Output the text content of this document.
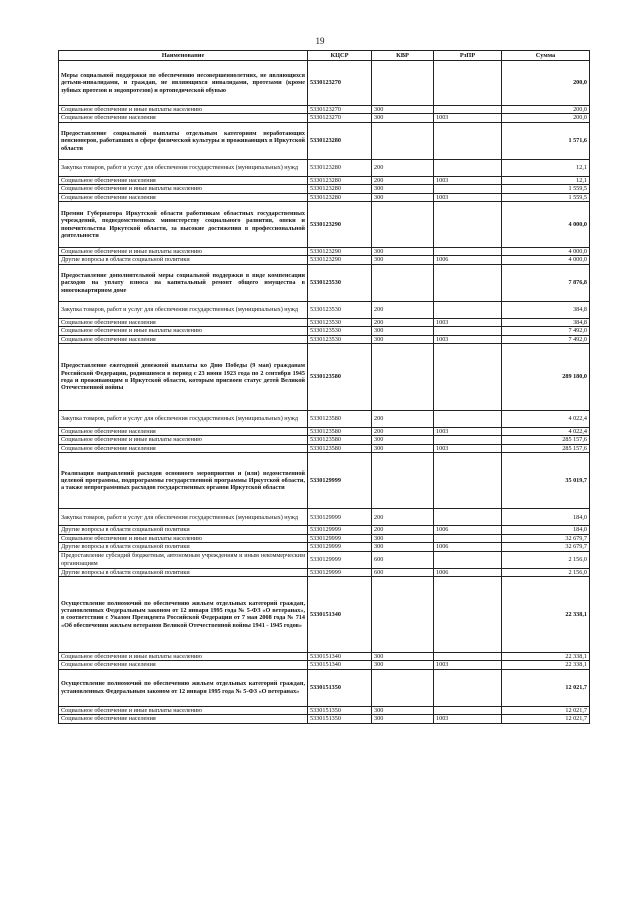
19
Наименование	КЦСР	КВР	РзПР	Сумма
Меры социальной поддержки по обеспечению несовершеннолетних, не являющихся детьми-инвалидами, и граждан, не являющихся инвалидами, протезами (кроме зубных протезов и эндопротезов) и ортопедической обувью	5330123270			200,0
Социальное обеспечение и иные выплаты населению	5330123270	300		200,0
Социальное обеспечение населения	5330123270	300	1003	200,0
Предоставление социальной выплаты отдельным категориям неработающих пенсионеров, работавших в сфере физической культуры и проживающих в Иркутской области	5330123280			1 571,6
Закупка товаров, работ и услуг для обеспечения государственных (муниципальных) нужд	5330123280	200		12,1
Социальное обеспечение населения	5330123280	200	1003	12,1
Социальное обеспечение и иные выплаты населению	5330123280	300		1 559,5
Социальное обеспечение населения	5330123280	300	1003	1 559,5
Премии Губернатора Иркутской области работникам областных государственных учреждений, подведомственных министерству социального развития, опеки и попечительства Иркутской области, за высокие достижения в профессиональной деятельности	5330123290			4 000,0
Социальное обеспечение и иные выплаты населению	5330123290	300		4 000,0
Другие вопросы в области социальной политики	5330123290	300	1006	4 000,0
Предоставление дополнительной меры социальной поддержки в виде компенсации расходов на уплату взноса на капитальный ремонт общего имущества в многоквартирном доме	5330123530			7 876,8
Закупка товаров, работ и услуг для обеспечения государственных (муниципальных) нужд	5330123530	200		384,8
Социальное обеспечение населения	5330123530	200	1003	384,8
Социальное обеспечение и иные выплаты населению	5330123530	300		7 492,0
Социальное обеспечение населения	5330123530	300	1003	7 492,0
Предоставление ежегодной денежной выплаты ко Дню Победы (9 мая) гражданам Российской Федерации, родившимся в период с 23 июня 1923 года по 2 сентября 1945 года и проживающим в Иркутской области, которым присвоен статус детей Великой Отечественной войны	5330123580			289 180,0
Закупка товаров, работ и услуг для обеспечения государственных (муниципальных) нужд	5330123580	200		4 022,4
Социальное обеспечение населения	5330123580	200	1003	4 022,4
Социальное обеспечение и иные выплаты населению	5330123580	300		285 157,6
Социальное обеспечение населения	5330123580	300	1003	285 157,6
Реализация направлений расходов основного мероприятия и (или) ведомственной целевой программы, подпрограммы государственной программы Иркутской области, а также непрограммных расходов государственных органов Иркутской области	5330129999			35 019,7
Закупка товаров, работ и услуг для обеспечения государственных (муниципальных) нужд	5330129999	200		184,0
Другие вопросы в области социальной политики	5330129999	200	1006	184,0
Социальное обеспечение и иные выплаты населению	5330129999	300		32 679,7
Другие вопросы в области социальной политики	5330129999	300	1006	32 679,7
Предоставление субсидий бюджетным, автономным учреждениям и иным некоммерческим организациям	5330129999	600		2 156,0
Другие вопросы в области социальной политики	5330129999	600	1006	2 156,0
Осуществление полномочий по обеспечению жильем отдельных категорий граждан, установленных Федеральным законом от 12 января 1995 года № 5-ФЗ «О ветеранах», в соответствии с Указом Президента Российской Федерации от 7 мая 2008 года № 714 «Об обеспечении жильем ветеранов Великой Отечественной войны 1941 - 1945 годов»	5330151340			22 338,1
Социальное обеспечение и иные выплаты населению	5330151340	300		22 338,1
Социальное обеспечение населения	5330151340	300	1003	22 338,1
Осуществление полномочий по обеспечению жильем отдельных категорий граждан, установленных Федеральным законом от 12 января 1995 года № 5-ФЗ «О ветеранах»	5330151350			12 021,7
Социальное обеспечение и иные выплаты населению	5330151350	300		12 021,7
Социальное обеспечение населения	5330151350	300	1003	12 021,7
